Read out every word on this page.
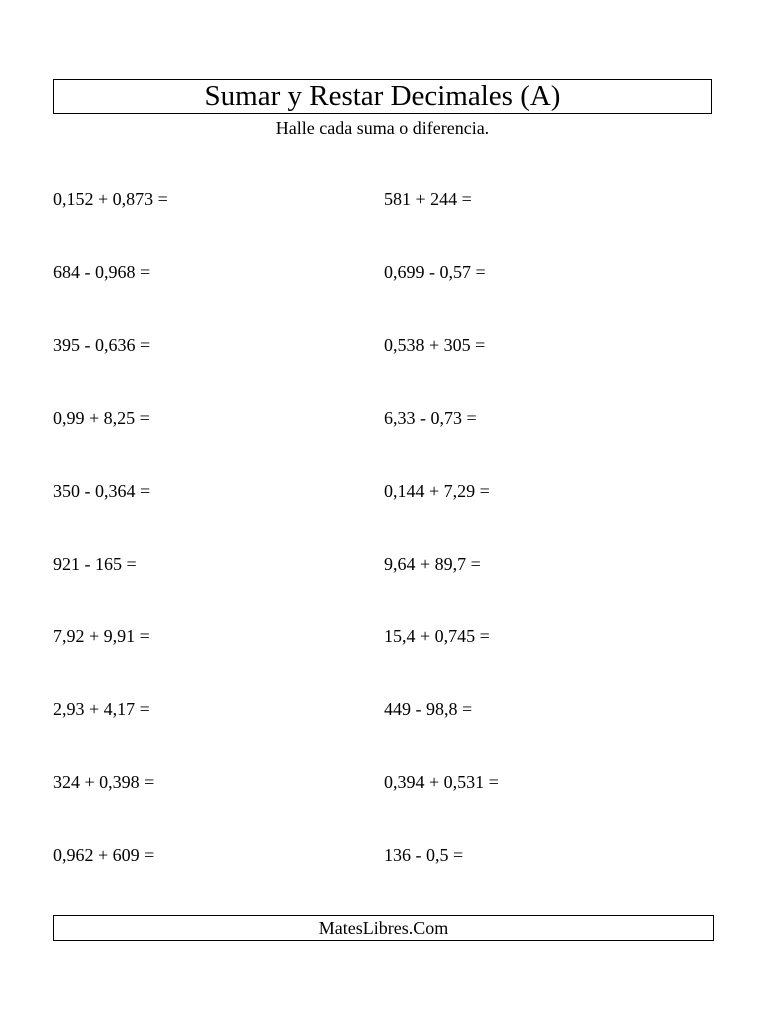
Sumar y Restar Decimales (A)
Halle cada suma o diferencia.
0,152 + 0,873 =	581 + 244 =
684 - 0,968 =	0,699 - 0,57 =
395 - 0,636 =	0,538 + 305 =
0,99 + 8,25 =	6,33 - 0,73 =
350 - 0,364 =	0,144 + 7,29 =
921 - 165 =	9,64 + 89,7 =
7,92 + 9,91 =	15,4 + 0,745 =
2,93 + 4,17 =	449 - 98,8 =
324 + 0,398 =	0,394 + 0,531 =
0,962 + 609 =	136 - 0,5 =
MatesLibres.Com
